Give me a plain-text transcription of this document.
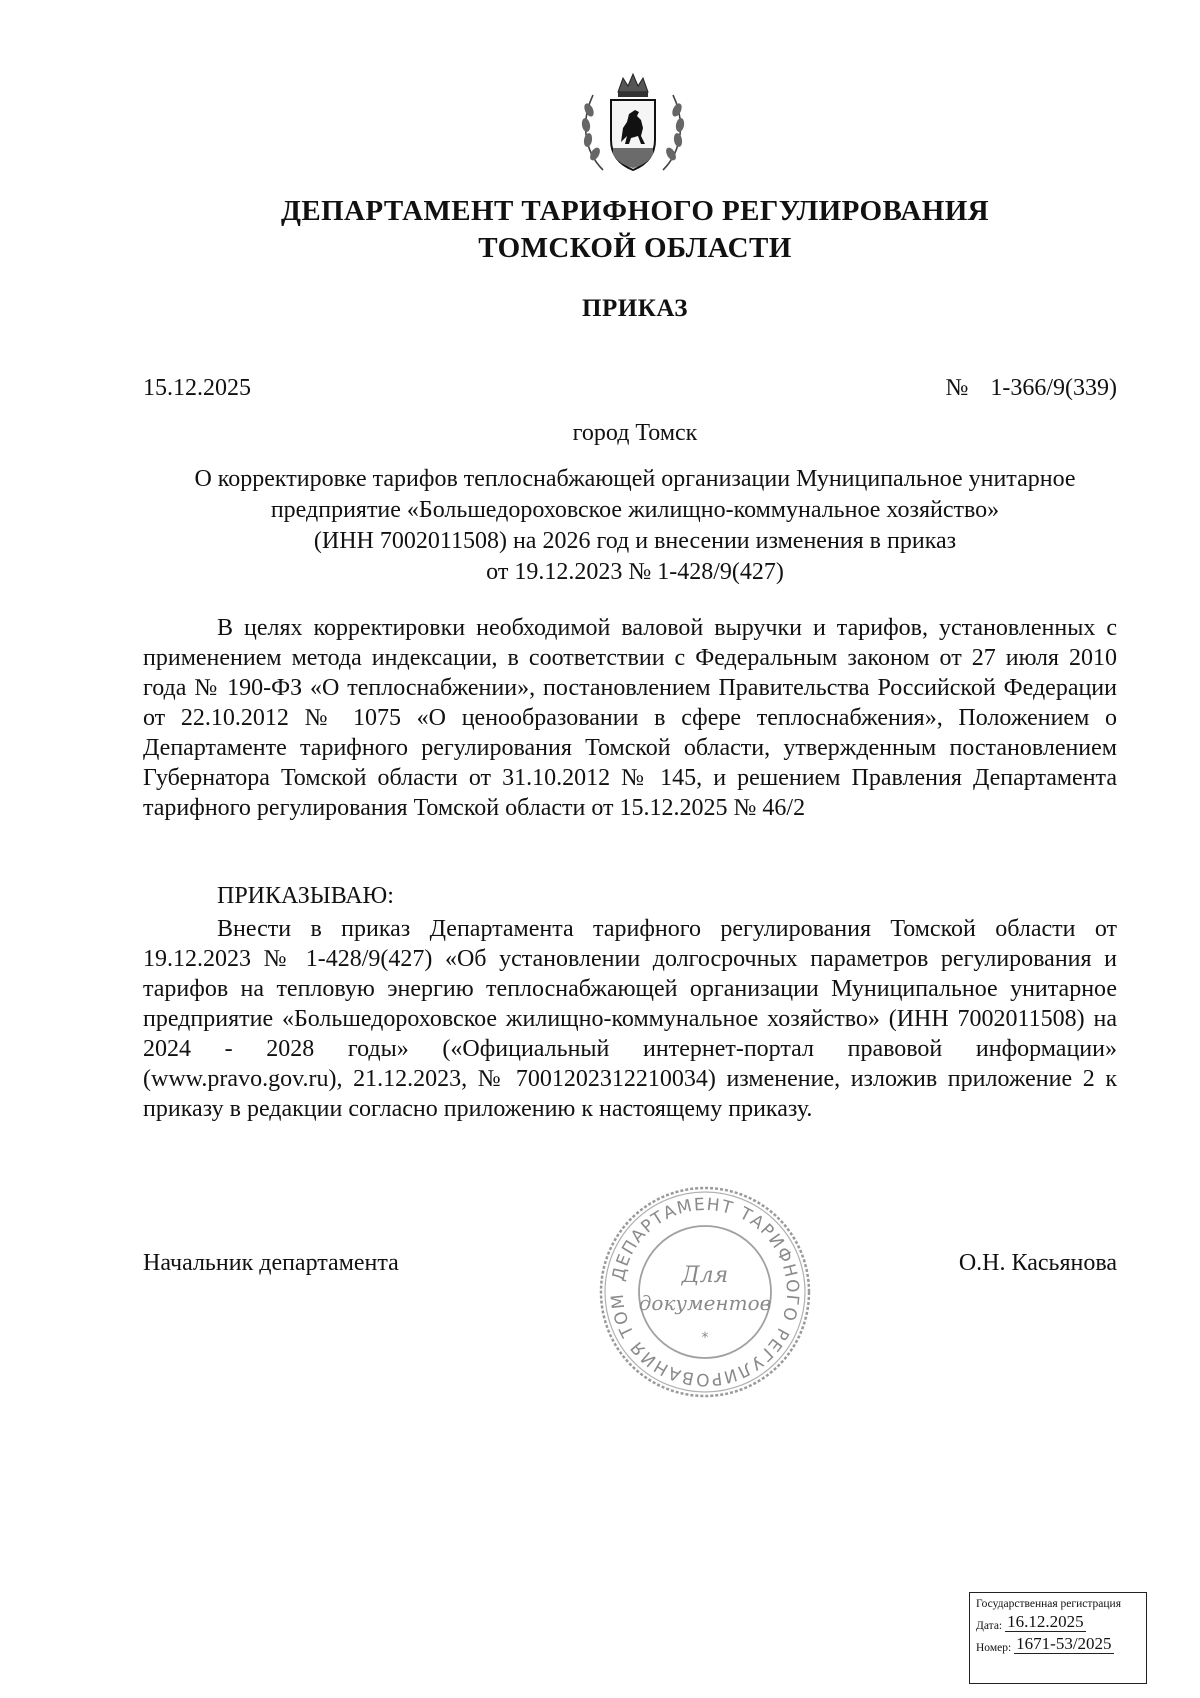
ДЕПАРТАМЕНТ ТАРИФНОГО РЕГУЛИРОВАНИЯ
ТОМСКОЙ ОБЛАСТИ
ПРИКАЗ
15.12.2025	№ 1-366/9(339)
город Томск
О корректировке тарифов теплоснабжающей организации Муниципальное унитарное
предприятие «Большедороховское жилищно-коммунальное хозяйство»
(ИНН 7002011508) на 2026 год и внесении изменения в приказ
от 19.12.2023 № 1-428/9(427)

В целях корректировки необходимой валовой выручки и тарифов, установленных с применением метода индексации, в соответствии с Федеральным законом от 27 июля 2010 года № 190-ФЗ «О теплоснабжении», постановлением Правительства Российской Федерации от 22.10.2012 № 1075 «О ценообразовании в сфере теплоснабжения», Положением о Департаменте тарифного регулирования Томской области, утвержденным постановлением Губернатора Томской области от 31.10.2012 № 145, и решением Правления Департамента тарифного регулирования Томской области от 15.12.2025 № 46/2

ПРИКАЗЫВАЮ:

Внести в приказ Департамента тарифного регулирования Томской области от 19.12.2023 № 1-428/9(427) «Об установлении долгосрочных параметров регулирования и тарифов на тепловую энергию теплоснабжающей организации Муниципальное унитарное предприятие «Большедороховское жилищно-коммунальное хозяйство» (ИНН 7002011508) на 2024 - 2028 годы» («Официальный интернет-портал правовой информации» (www.pravo.gov.ru), 21.12.2023, № 7001202312210034) изменение, изложив приложение 2 к приказу в редакции согласно приложению к настоящему приказу.

Начальник департамента	О.Н. Касьянова
ДЕПАРТАМЕНТ ТАРИФНОГО РЕГУЛИРОВАНИЯ ТОМ
*
Для
документов
Государственная регистрация
Дата: 16.12.2025
Номер: 1671-53/2025
